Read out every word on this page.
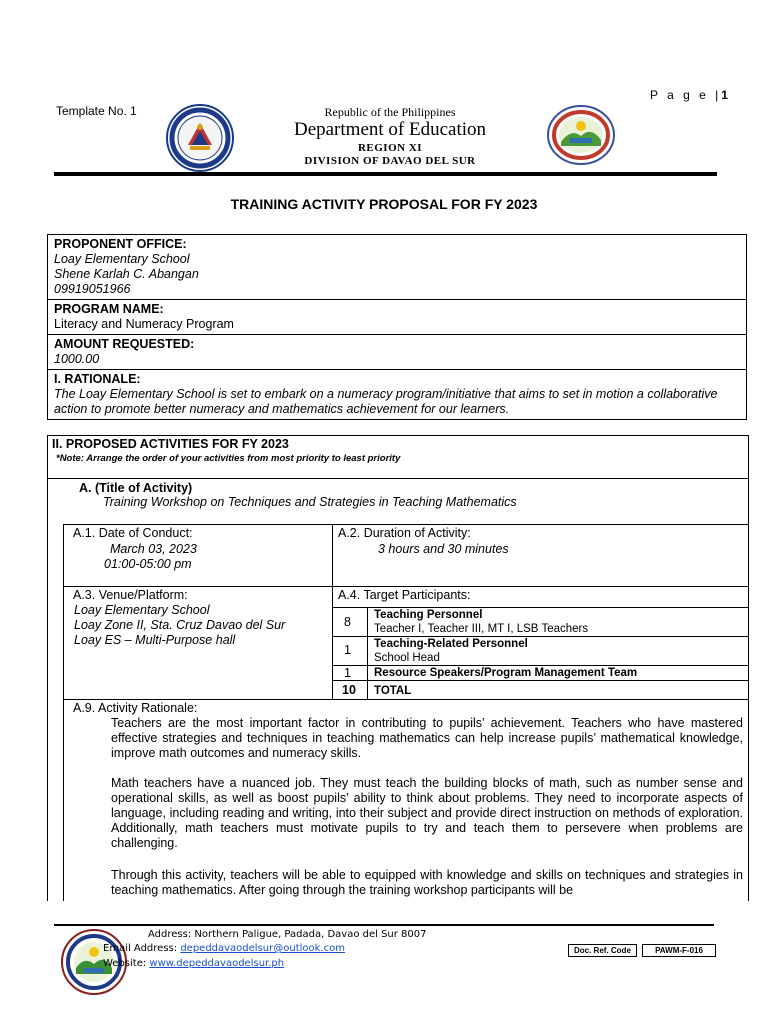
P a g e |1
Template No. 1	Republic of the Philippines
Department of Education
REGION XI
DIVISION OF DAVAO DEL SUR
TRAINING ACTIVITY PROPOSAL FOR FY 2023
PROPONENT OFFICE:
Loay Elementary School
Shene Karlah C. Abangan
09919051966

PROGRAM NAME:
Literacy and Numeracy Program

AMOUNT REQUESTED:
1000.00

I. RATIONALE:
The Loay Elementary School is set to embark on a numeracy program/initiative that aims to set in motion a collaborative action to promote better numeracy and mathematics achievement for our learners.
II. PROPOSED ACTIVITIES FOR FY 2023
*Note: Arrange the order of your activities from most priority to least priority
A. (Title of Activity)
Training Workshop on Techniques and Strategies in Teaching Mathematics
A.1. Date of Conduct:
March 03, 2023
01:00-05:00 pm
A.2. Duration of Activity:
3 hours and 30 minutes
A.3. Venue/Platform:
Loay Elementary School
Loay Zone II, Sta. Cruz Davao del Sur
Loay ES – Multi-Purpose hall
A.4. Target Participants:
8 Teaching Personnel
Teacher I, Teacher III, MT I, LSB Teachers
1 Teaching-Related Personnel
School Head
1 Resource Speakers/Program Management Team
10 TOTAL
A.9. Activity Rationale:
Teachers are the most important factor in contributing to pupils’ achievement. Teachers who have mastered effective strategies and techniques in teaching mathematics can help increase pupils’ mathematical knowledge, improve math outcomes and numeracy skills.
Math teachers have a nuanced job. They must teach the building blocks of math, such as number sense and operational skills, as well as boost pupils’ ability to think about problems. They need to incorporate aspects of language, including reading and writing, into their subject and provide direct instruction on methods of exploration. Additionally, math teachers must motivate pupils to try and teach them to persevere when problems are challenging.
Through this activity, teachers will be able to equipped with knowledge and skills on techniques and strategies in teaching mathematics. After going through the training workshop participants will be
Address: Northern Paligue, Padada, Davao del Sur 8007
Email Address: depeddavaodelsur@outlook.com
Website: www.depeddavaodelsur.ph
Doc. Ref. Code	PAWM-F-016
